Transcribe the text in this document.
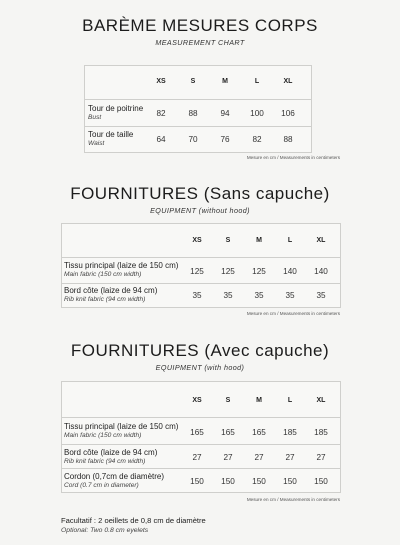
BARÈME MESURES CORPS
MEASUREMENT CHART
XS	S	M	L	XL
Tour de poitrine
Bust	82	88	94	100	106
Tour de taille
Waist	64	70	76	82	88
Mesure en cm / Measurements in centimeters
FOURNITURES (Sans capuche)
EQUIPMENT (without hood)
XS	S	M	L	XL
Tissu principal (laize de 150 cm)
Main fabric (150 cm width)	125	125	125	140	140
Bord côte (laize de 94 cm)
Rib knit fabric (94 cm width)	35	35	35	35	35
Mesure en cm / Measurements in centimeters
FOURNITURES (Avec capuche)
EQUIPMENT (with hood)
XS	S	M	L	XL
Tissu principal (laize de 150 cm)
Main fabric (150 cm width)	165	165	165	185	185
Bord côte (laize de 94 cm)
Rib knit fabric (94 cm width)	27	27	27	27	27
Cordon (0,7cm de diamètre)
Cord (0.7 cm in diameter)	150	150	150	150	150
Mesure en cm / Measurements in centimeters
Facultatif : 2 oeillets de 0,8 cm de diamètre
Optional: Two 0.8 cm eyelets
